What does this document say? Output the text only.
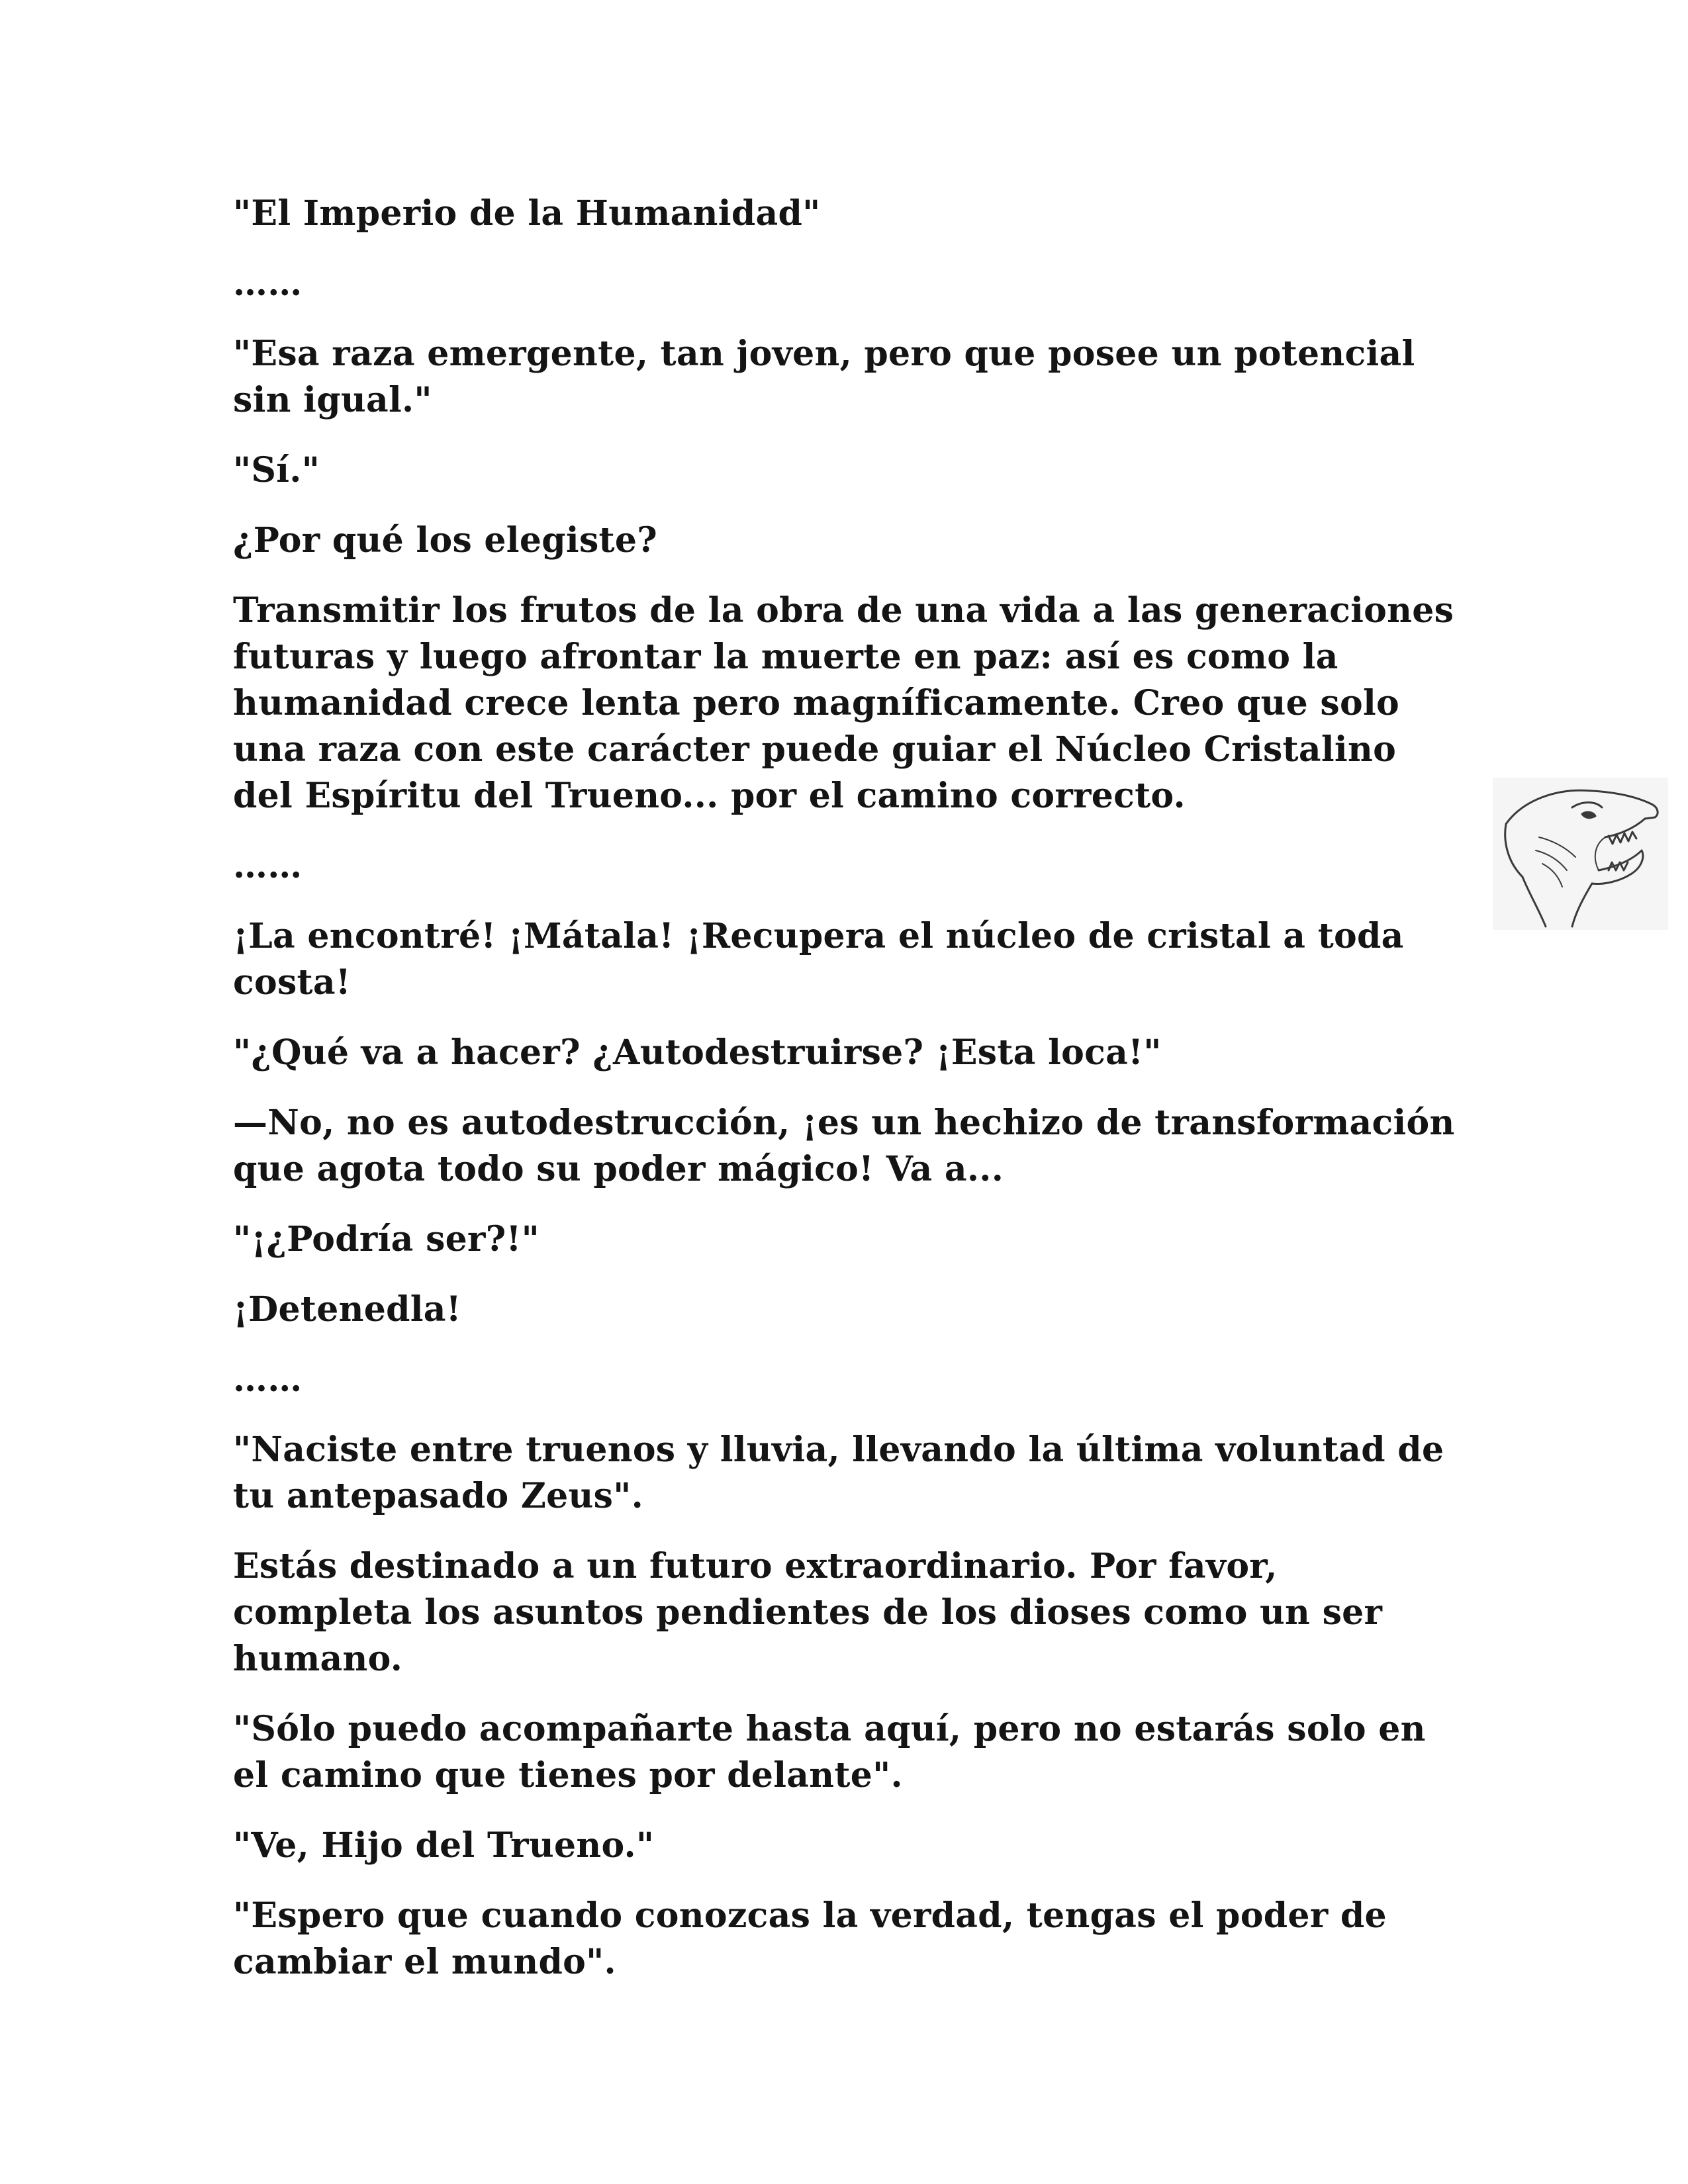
"El Imperio de la Humanidad"

……

"Esa raza emergente, tan joven, pero que posee un potencial sin igual."

"Sí."

¿Por qué los elegiste?

Transmitir los frutos de la obra de una vida a las generaciones futuras y luego afrontar la muerte en paz: así es como la humanidad crece lenta pero magníficamente. Creo que solo una raza con este carácter puede guiar el Núcleo Cristalino del Espíritu del Trueno... por el camino correcto.

……

¡La encontré! ¡Mátala! ¡Recupera el núcleo de cristal a toda costa!

"¿Qué va a hacer? ¿Autodestruirse? ¡Esta loca!"

—No, no es autodestrucción, ¡es un hechizo de transformación que agota todo su poder mágico! Va a...

"¡¿Podría ser?!"

¡Detenedla!

……

"Naciste entre truenos y lluvia, llevando la última voluntad de tu antepasado Zeus".

Estás destinado a un futuro extraordinario. Por favor, completa los asuntos pendientes de los dioses como un ser humano.

"Sólo puedo acompañarte hasta aquí, pero no estarás solo en el camino que tienes por delante".

"Ve, Hijo del Trueno."

"Espero que cuando conozcas la verdad, tengas el poder de cambiar el mundo".
